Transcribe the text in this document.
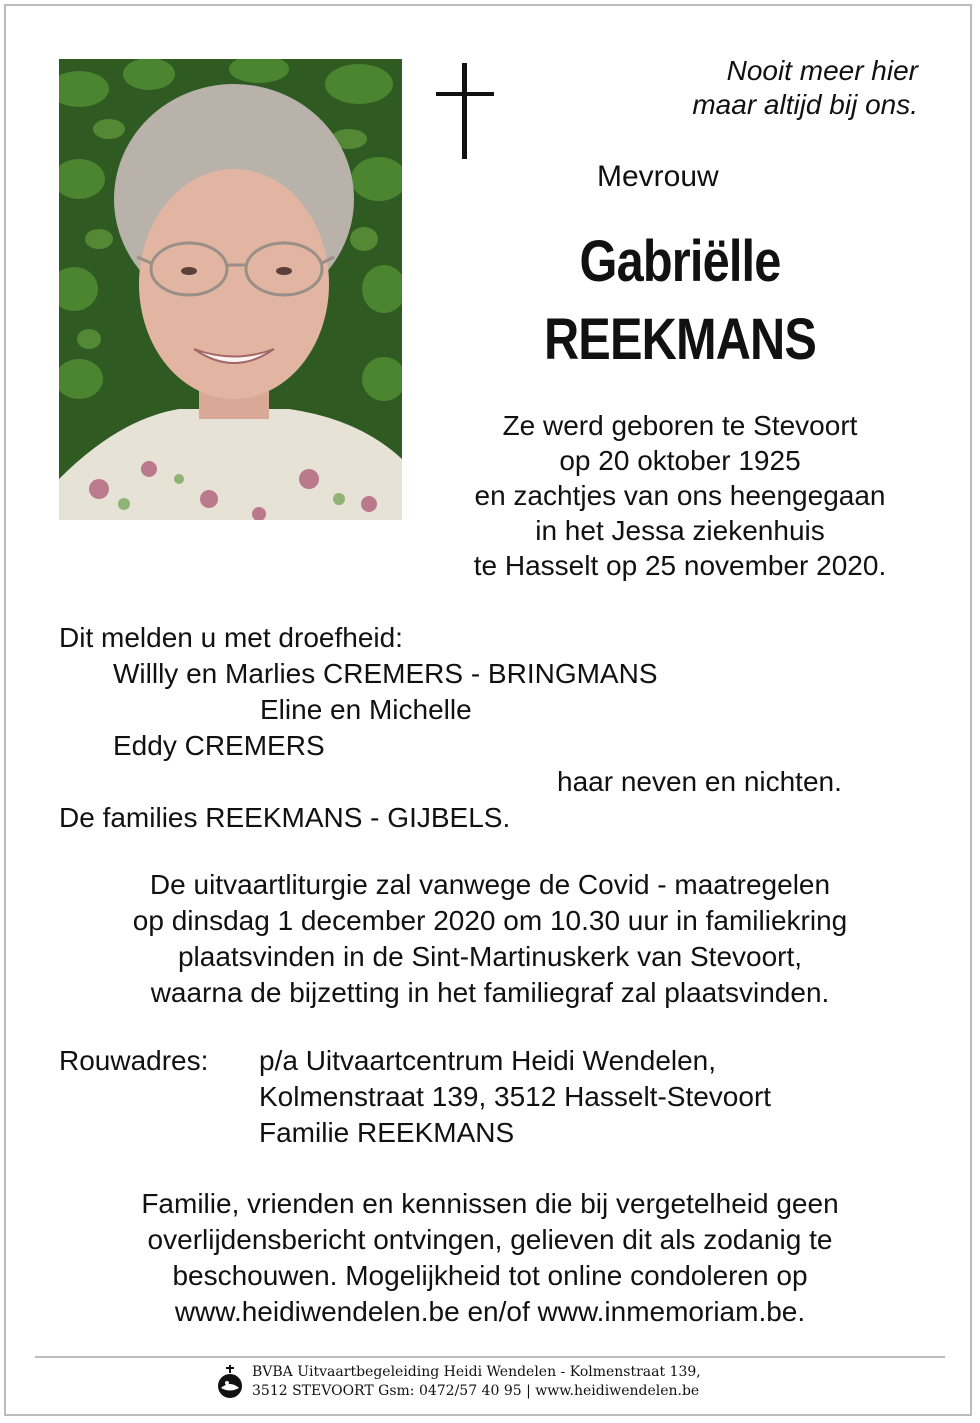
Nooit meer hier
maar altijd bij ons.
Mevrouw
Gabriëlle
REEKMANS
Ze werd geboren te Stevoort
op 20 oktober 1925
en zachtjes van ons heengegaan
in het Jessa ziekenhuis
te Hasselt op 25 november 2020.
Dit melden u met droefheid:
Willly en Marlies CREMERS - BRINGMANS
Eline en Michelle
Eddy CREMERS
haar neven en nichten.
De families REEKMANS - GIJBELS.
De uitvaartliturgie zal vanwege de Covid - maatregelen
op dinsdag 1 december 2020 om 10.30 uur in familiekring
plaatsvinden in de Sint-Martinuskerk van Stevoort,
waarna de bijzetting in het familiegraf zal plaatsvinden.
Rouwadres: p/a Uitvaartcentrum Heidi Wendelen,
Kolmenstraat 139, 3512 Hasselt-Stevoort
Familie REEKMANS
Familie, vrienden en kennissen die bij vergetelheid geen
overlijdensbericht ontvingen, gelieven dit als zodanig te
beschouwen. Mogelijkheid tot online condoleren op
www.heidiwendelen.be en/of www.inmemoriam.be.
BVBA Uitvaartbegeleiding Heidi Wendelen - Kolmenstraat 139,
3512 STEVOORT Gsm: 0472/57 40 95 | www.heidiwendelen.be
